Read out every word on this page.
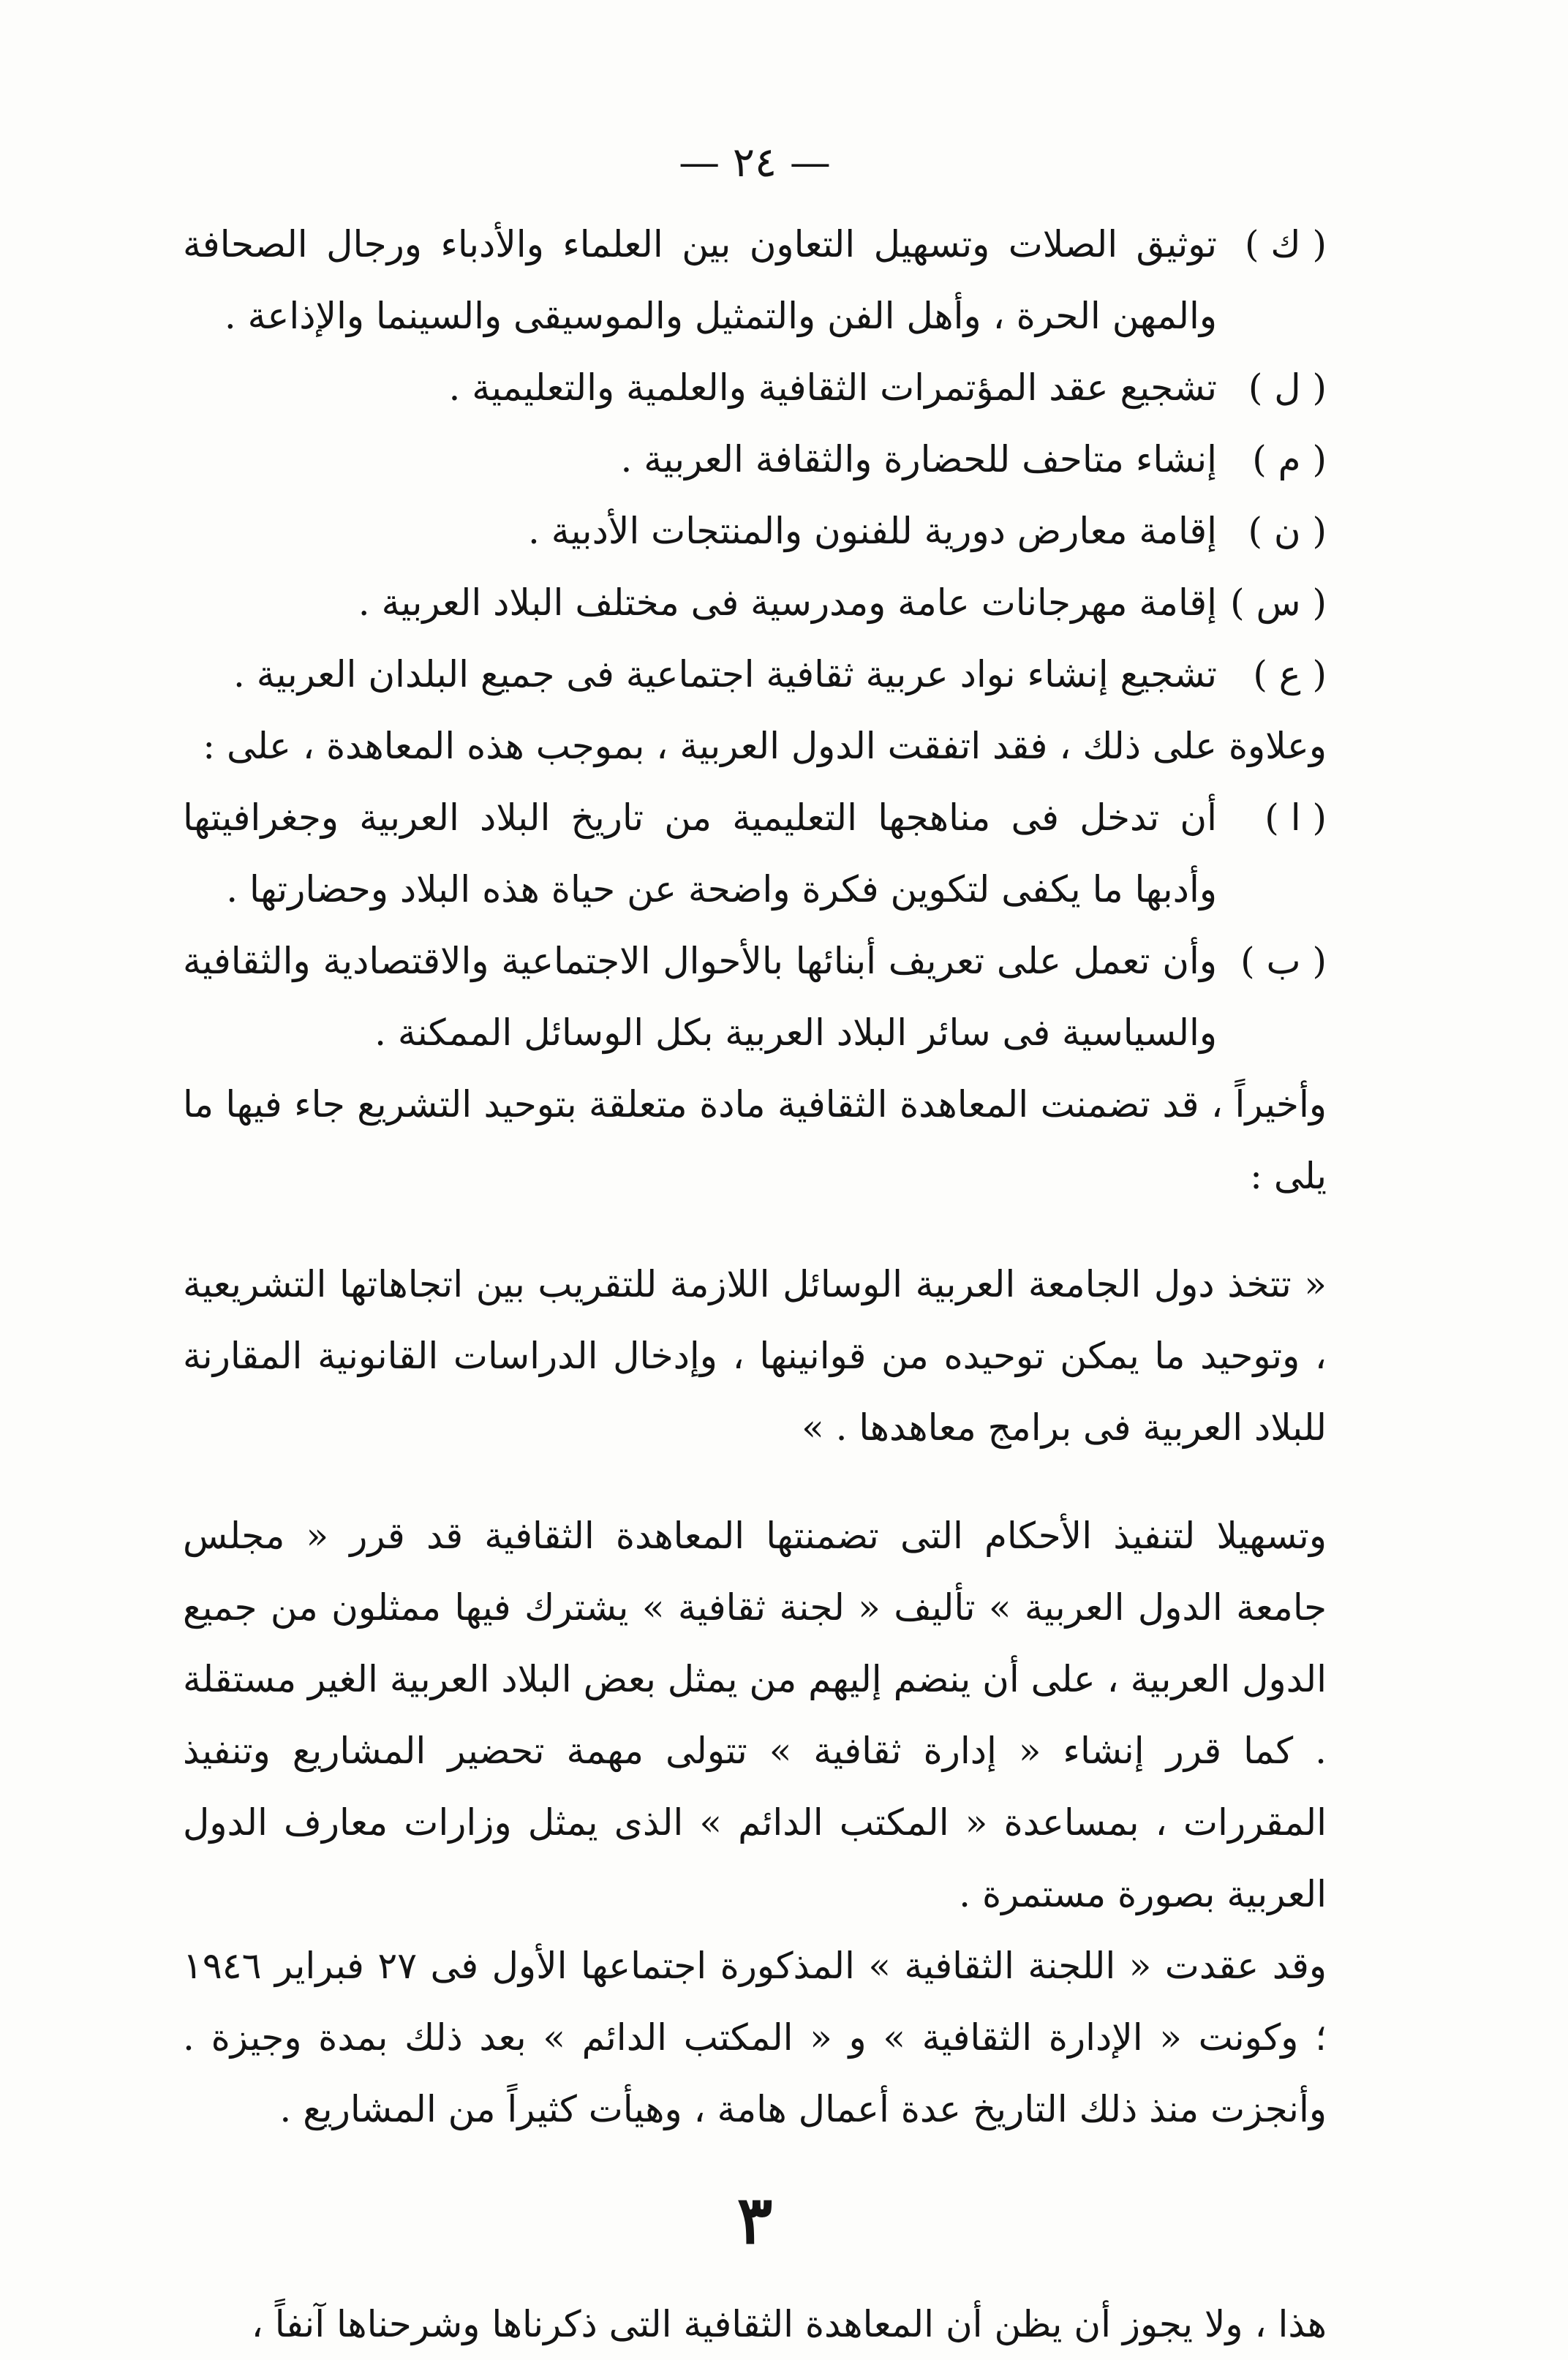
— ٢٤ —
( ك )
توثيق الصلات وتسهيل التعاون بين العلماء والأدباء ورجال الصحافة والمهن الحرة ، وأهل الفن والتمثيل والموسيقى والسينما والإذاعة .
( ل )
تشجيع عقد المؤتمرات الثقافية والعلمية والتعليمية .
( م )
إنشاء متاحف للحضارة والثقافة العربية .
( ن )
إقامة معارض دورية للفنون والمنتجات الأدبية .
( س )
إقامة مهرجانات عامة ومدرسية فى مختلف البلاد العربية .
( ع )
تشجيع إنشاء نواد عربية ثقافية اجتماعية فى جميع البلدان العربية .

وعلاوة على ذلك ، فقد اتفقت الدول العربية ، بموجب هذه المعاهدة ، على :

( ا )
أن تدخل فى مناهجها التعليمية من تاريخ البلاد العربية وجغرافيتها وأدبها ما يكفى لتكوين فكرة واضحة عن حياة هذه البلاد وحضارتها .
( ب )
وأن تعمل على تعريف أبنائها بالأحوال الاجتماعية والاقتصادية والثقافية والسياسية فى سائر البلاد العربية بكل الوسائل الممكنة .

وأخيراً ، قد تضمنت المعاهدة الثقافية مادة متعلقة بتوحيد التشريع جاء فيها ما يلى :

« تتخذ دول الجامعة العربية الوسائل اللازمة للتقريب بين اتجاهاتها التشريعية ، وتوحيد ما يمكن توحيده من قوانينها ، وإدخال الدراسات القانونية المقارنة للبلاد العربية فى برامج معاهدها . »

وتسهيلا لتنفيذ الأحكام التى تضمنتها المعاهدة الثقافية قد قرر « مجلس جامعة الدول العربية » تأليف « لجنة ثقافية » يشترك فيها ممثلون من جميع الدول العربية ، على أن ينضم إليهم من يمثل بعض البلاد العربية الغير مستقلة . كما قرر إنشاء « إدارة ثقافية » تتولى مهمة تحضير المشاريع وتنفيذ المقررات ، بمساعدة « المكتب الدائم » الذى يمثل وزارات معارف الدول العربية بصورة مستمرة .

وقد عقدت « اللجنة الثقافية » المذكورة اجتماعها الأول فى ٢٧ فبراير ١٩٤٦ ؛ وكونت « الإدارة الثقافية » و « المكتب الدائم » بعد ذلك بمدة وجيزة . وأنجزت منذ ذلك التاريخ عدة أعمال هامة ، وهيأت كثيراً من المشاريع .

٣

هذا ، ولا يجوز أن يظن أن المعاهدة الثقافية التى ذكرناها وشرحناها آنفاً ،
